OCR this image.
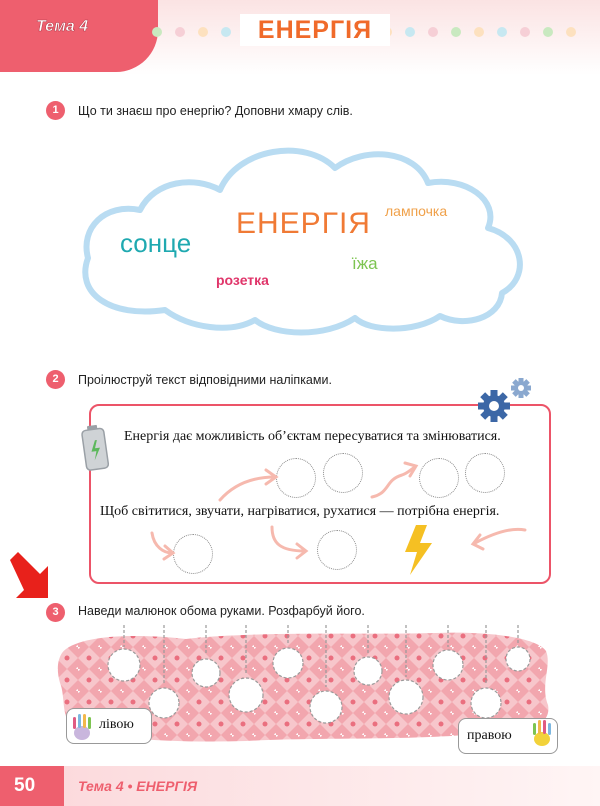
Тема 4	ЕНЕРГІЯ
1	Що ти знаєш про енергію? Доповни хмару слів.
ЕНЕРГІЯ
сонце
лампочка
їжа
розетка
2	Проілюструй текст відповідними наліпками.
Енергія дає можливість об’єктам пересуватися та змінюватися.
Щоб світитися, звучати, нагріватися, рухатися — потрібна енергія.
3	Наведи малюнок обома руками. Розфарбуй його.
лівою
правою
50	Тема 4 • ЕНЕРГІЯ
